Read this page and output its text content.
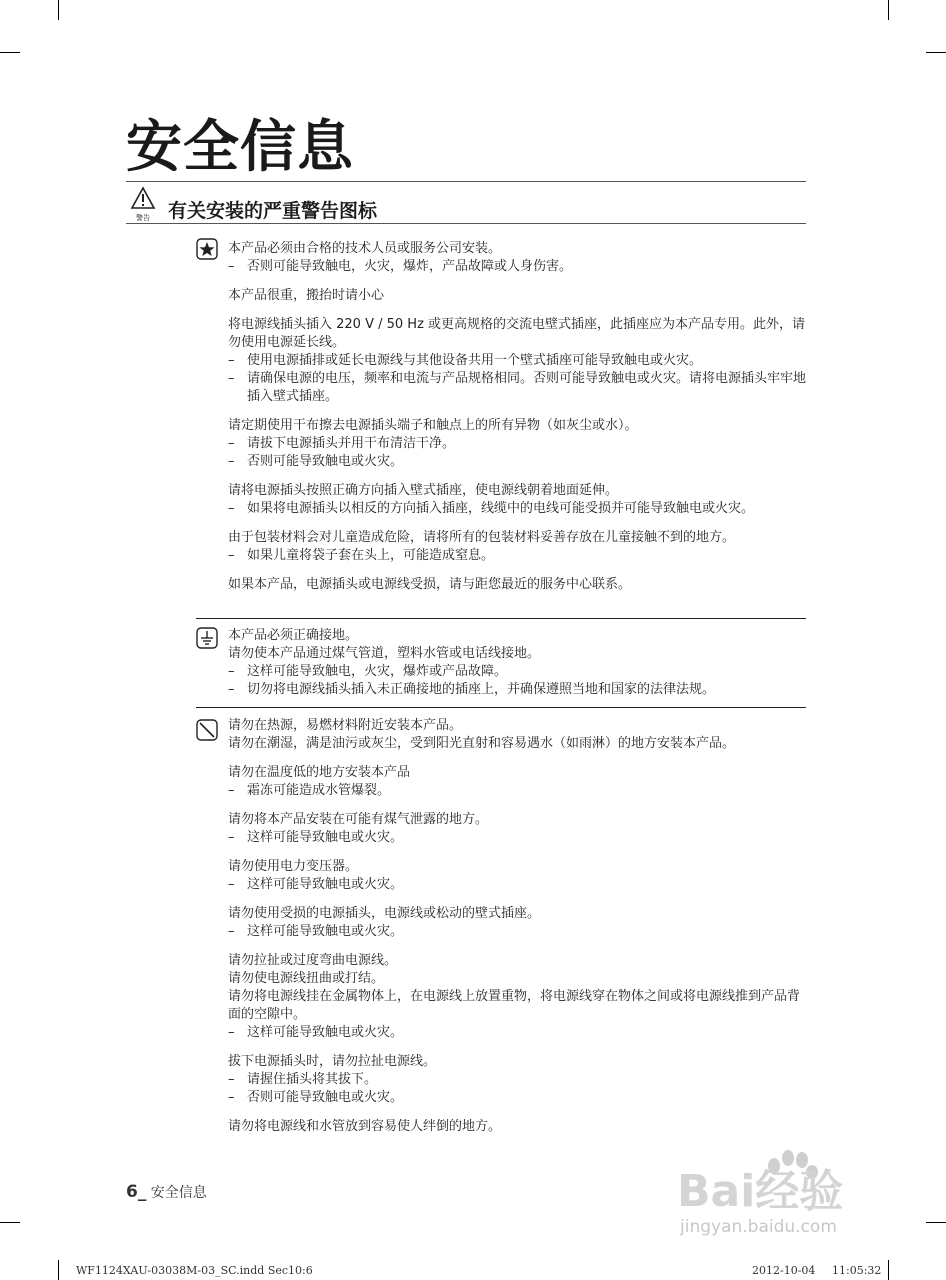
安全信息
警告 有关安装的严重警告图标

本产品必须由合格的技术人员或服务公司安装。

– 否则可能导致触电，火灾，爆炸，产品故障或人身伤害。

本产品很重，搬抬时请小心

将电源线插头插入 220 V / 50 Hz 或更高规格的交流电壁式插座，此插座应为本产品专用。此外，请勿使用电源延长线。

– 使用电源插排或延长电源线与其他设备共用一个壁式插座可能导致触电或火灾。

– 请确保电源的电压，频率和电流与产品规格相同。否则可能导致触电或火灾。请将电源插头牢牢地插入壁式插座。

请定期使用干布擦去电源插头端子和触点上的所有异物（如灰尘或水）。

– 请拔下电源插头并用干布清洁干净。

– 否则可能导致触电或火灾。

请将电源插头按照正确方向插入壁式插座，使电源线朝着地面延伸。

– 如果将电源插头以相反的方向插入插座，线缆中的电线可能受损并可能导致触电或火灾。

由于包装材料会对儿童造成危险，请将所有的包装材料妥善存放在儿童接触不到的地方。

– 如果儿童将袋子套在头上，可能造成窒息。

如果本产品，电源插头或电源线受损，请与距您最近的服务中心联系。

本产品必须正确接地。

请勿使本产品通过煤气管道，塑料水管或电话线接地。

– 这样可能导致触电，火灾，爆炸或产品故障。

– 切勿将电源线插头插入未正确接地的插座上，并确保遵照当地和国家的法律法规。

请勿在热源，易燃材料附近安装本产品。

请勿在潮湿，满是油污或灰尘，受到阳光直射和容易遇水（如雨淋）的地方安装本产品。

请勿在温度低的地方安装本产品

– 霜冻可能造成水管爆裂。

请勿将本产品安装在可能有煤气泄露的地方。

– 这样可能导致触电或火灾。

请勿使用电力变压器。

– 这样可能导致触电或火灾。

请勿使用受损的电源插头，电源线或松动的壁式插座。

– 这样可能导致触电或火灾。

请勿拉扯或过度弯曲电源线。

请勿使电源线扭曲或打结。

请勿将电源线挂在金属物体上，在电源线上放置重物，将电源线穿在物体之间或将电源线推到产品背面的空隙中。

– 这样可能导致触电或火灾。

拔下电源插头时，请勿拉扯电源线。

– 请握住插头将其拔下。

– 否则可能导致触电或火灾。

请勿将电源线和水管放到容易使人绊倒的地方。

6_ 安全信息	Bai经验
jingyan.baidu.com
WF1124XAU-03038M-03_SC.indd Sec10:6	2012-10-04 11:05:32
